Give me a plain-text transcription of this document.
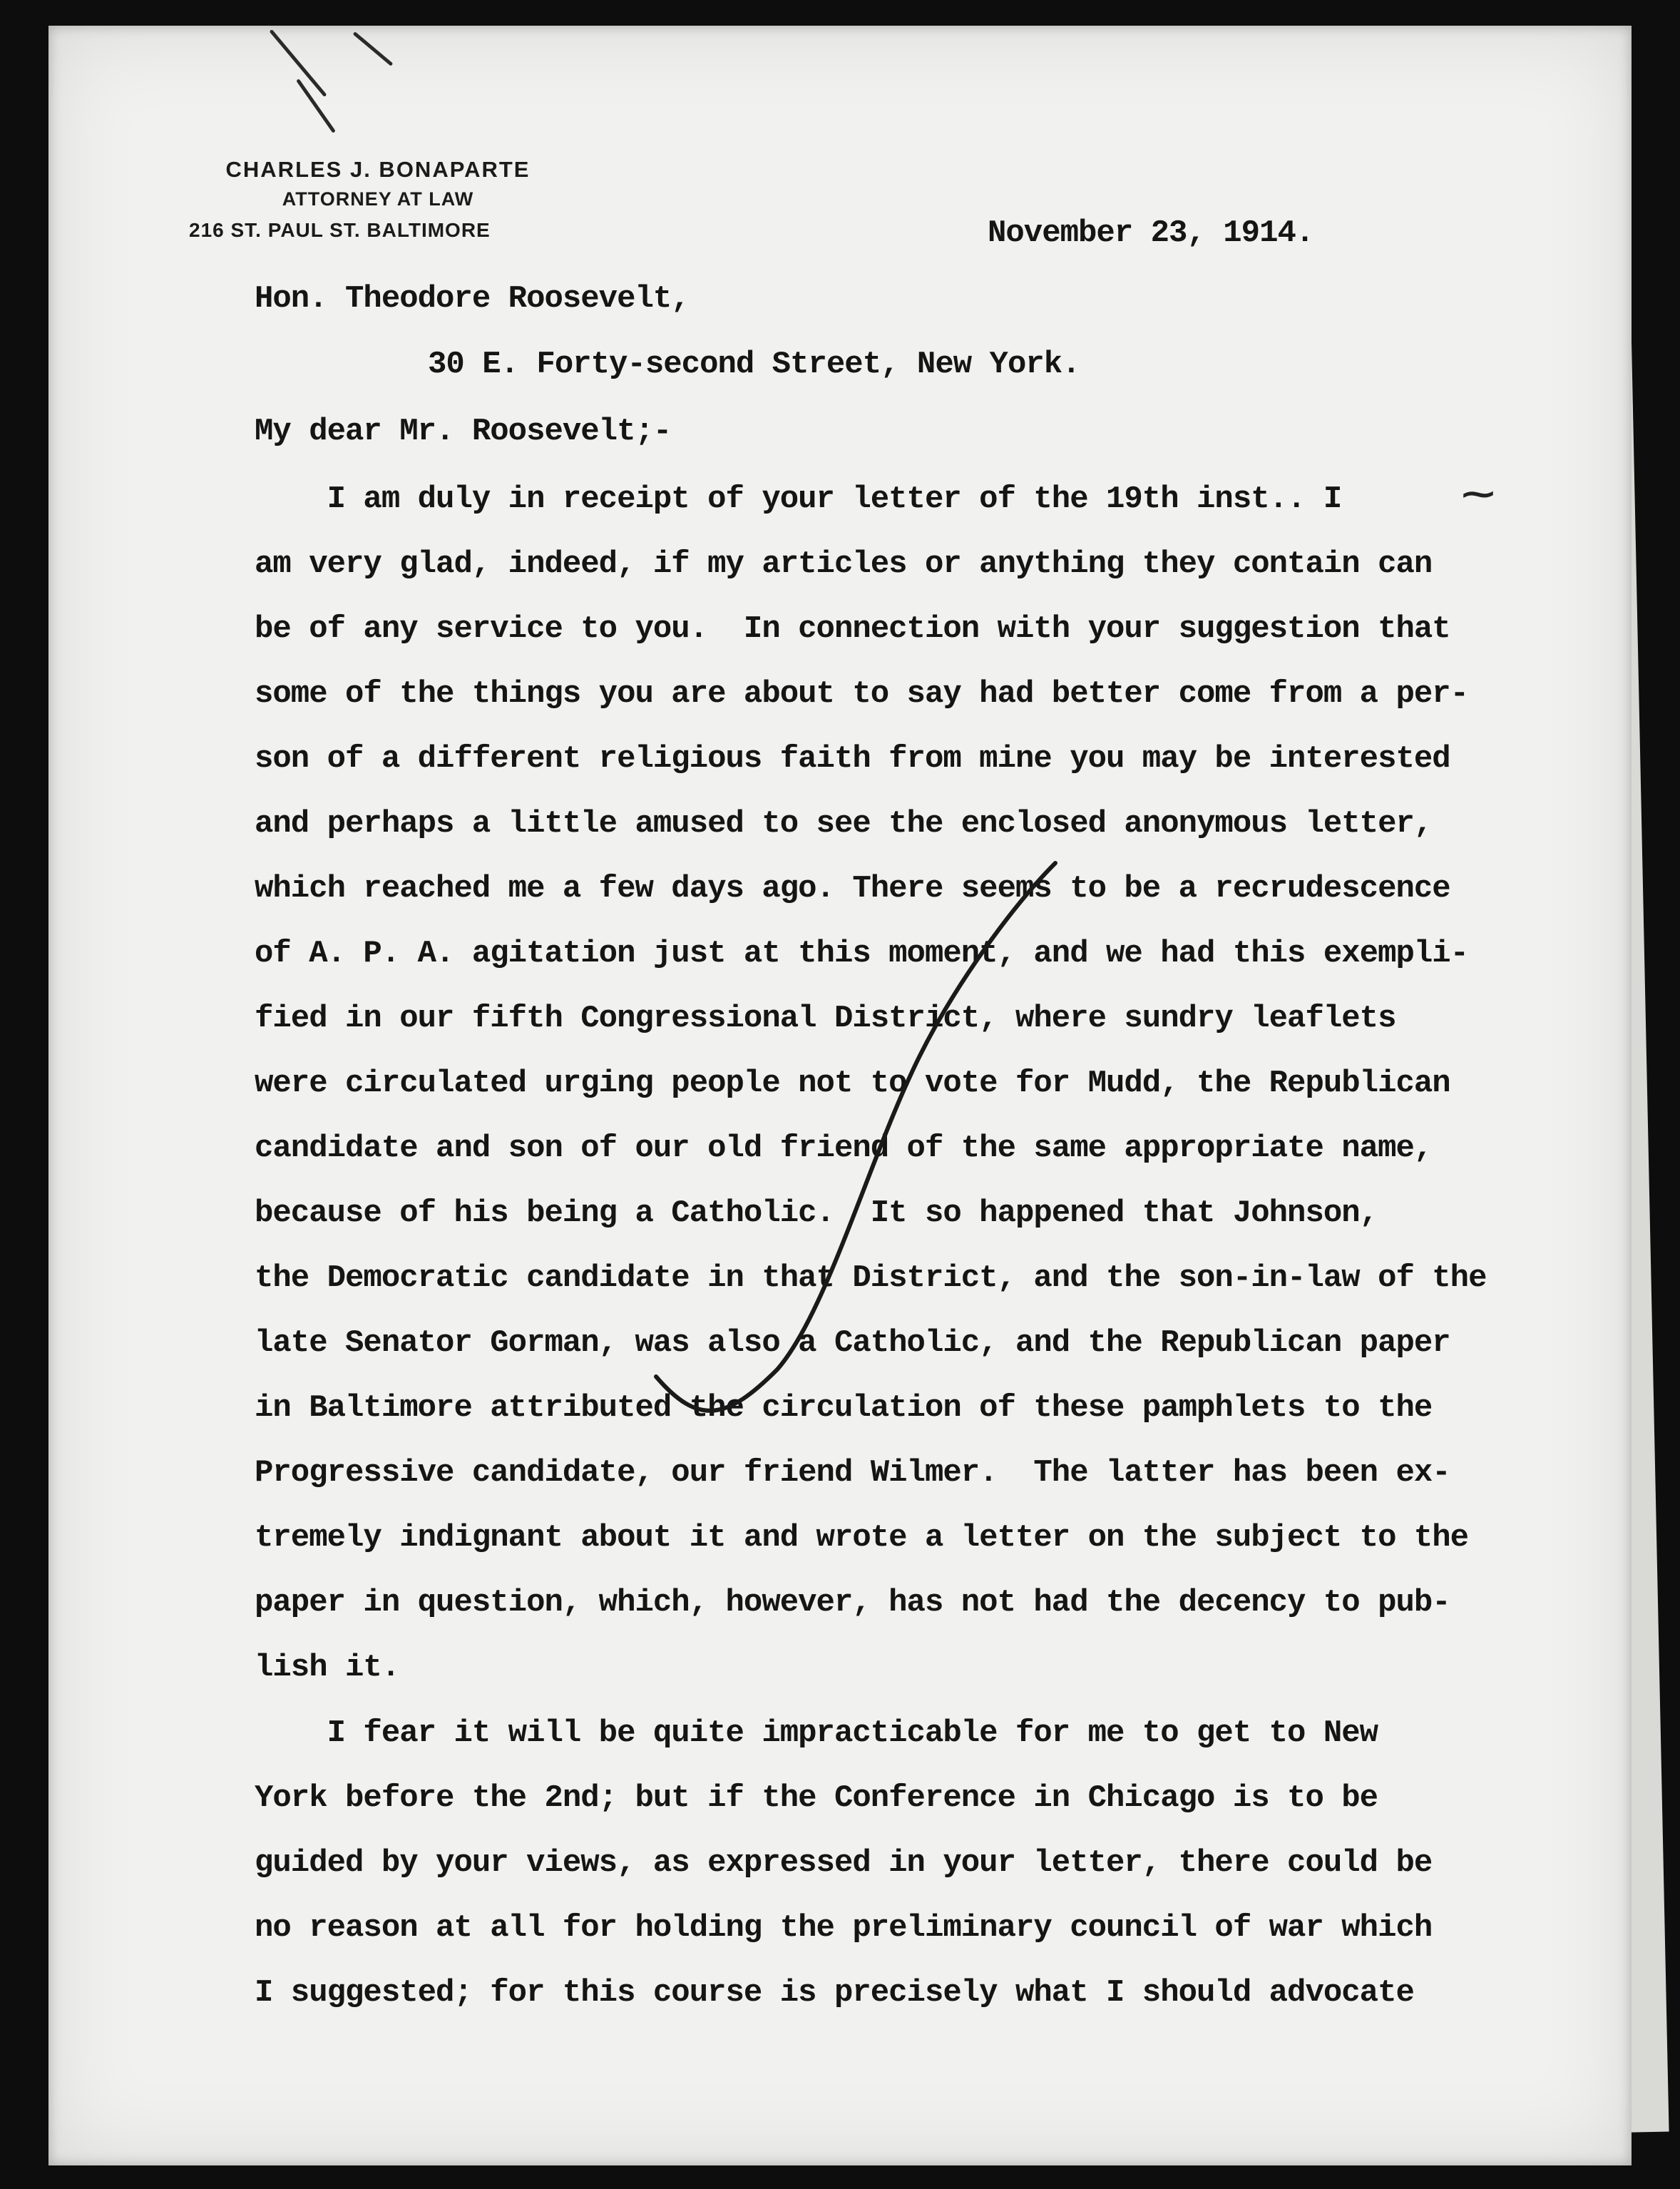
CHARLES J. BONAPARTE
ATTORNEY AT LAW
216 ST. PAUL ST. BALTIMORE	November 23, 1914.
Hon. Theodore Roosevelt,
30 E. Forty-second Street, New York.
My dear Mr. Roosevelt;-
I am duly in receipt of your letter of the 19th inst.. I
am very glad, indeed, if my articles or anything they contain can
be of any service to you.  In connection with your suggestion that
some of the things you are about to say had better come from a per-
son of a different religious faith from mine you may be interested
and perhaps a little amused to see the enclosed anonymous letter,
which reached me a few days ago. There seems to be a recrudescence
of A. P. A. agitation just at this moment, and we had this exempli-
fied in our fifth Congressional District, where sundry leaflets
were circulated urging people not to vote for Mudd, the Republican
candidate and son of our old friend of the same appropriate name,
because of his being a Catholic.  It so happened that Johnson,
the Democratic candidate in that District, and the son-in-law of the
late Senator Gorman, was also a Catholic, and the Republican paper
in Baltimore attributed the circulation of these pamphlets to the
Progressive candidate, our friend Wilmer.  The latter has been ex-
tremely indignant about it and wrote a letter on the subject to the
paper in question, which, however, has not had the decency to pub-
lish it.
I fear it will be quite impracticable for me to get to New
York before the 2nd; but if the Conference in Chicago is to be
guided by your views, as expressed in your letter, there could be
no reason at all for holding the preliminary council of war which
I suggested; for this course is precisely what I should advocate
⁓
